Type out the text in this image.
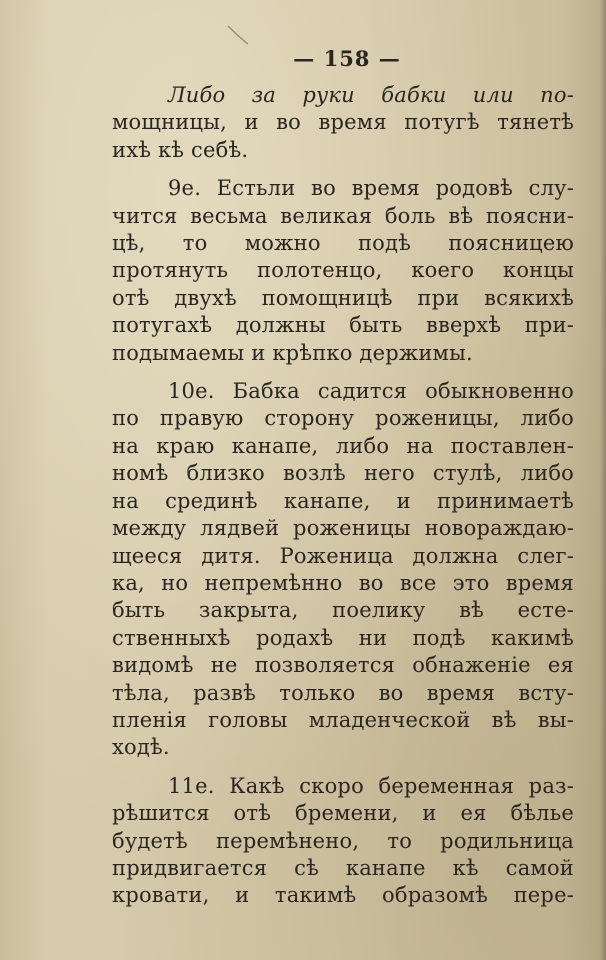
— 158 —
Либо за руки бабки или по-
мощницы, и во время потугѣ тянетѣ
ихѣ кѣ себѣ.
9е. Естьли во время родовѣ слу-
чится весьма великая боль вѣ поясни-
цѣ, то можно подѣ поясницею
протянуть полотенцо, коего концы
отѣ двухѣ помощницѣ при всякихѣ
потугахѣ должны быть вверхѣ при-
подымаемы и крѣпко держимы.
10е. Бабка садится обыкновенно
по правую сторону роженицы, либо
на краю канапе, либо на поставлен-
номѣ близко возлѣ него стулѣ, либо
на срединѣ канапе, и принимаетѣ
между лядвей роженицы новораждаю-
щееся дитя. Роженица должна слег-
ка, но непремѣнно во все это время
быть закрыта, поелику вѣ есте-
ственныхѣ родахѣ ни подѣ какимѣ
видомѣ не позволяется обнаженіе ея
тѣла, развѣ только во время всту-
пленія головы младенческой вѣ вы-
ходѣ.
11е. Какѣ скоро беременная раз-
рѣшится отѣ бремени, и ея бѣлье
будетѣ перемѣнено, то родильница
придвигается сѣ канапе кѣ самой
кровати, и такимѣ образомѣ пере-
